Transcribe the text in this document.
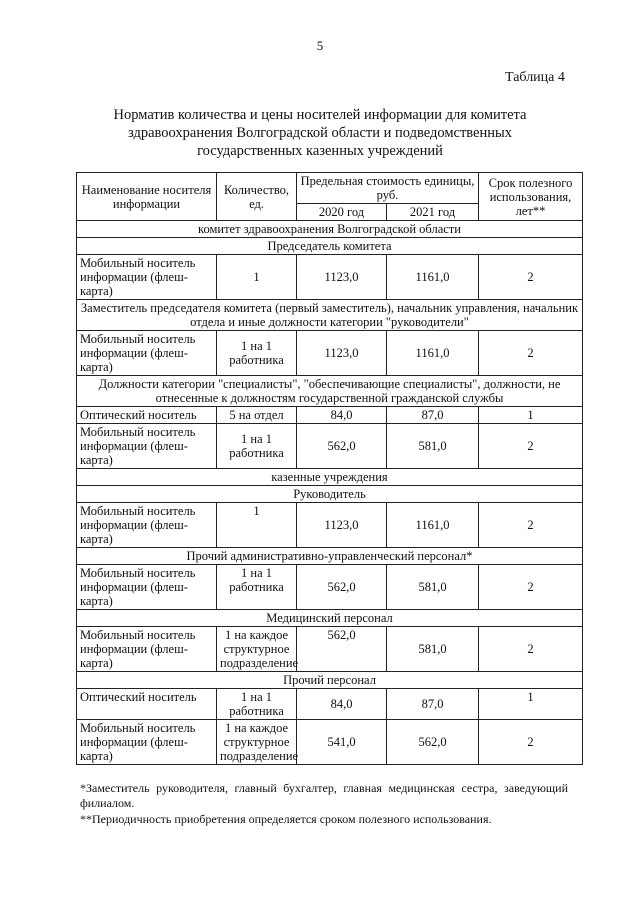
5
Таблица 4
Норматив количества и цены носителей информации для комитета
здравоохранения Волгоградской области и подведомственных
государственных казенных учреждений
Наименование носителя информации	Количество, ед.	Предельная стоимость единицы, руб.		Срок полезного использования, лет**
		2020 год	2021 год	
комитет здравоохранения Волгоградской области				
Председатель комитета				
Мобильный носитель информации (флеш-карта)	1	1123,0	1161,0	2
Заместитель председателя комитета (первый заместитель), начальник управления, начальник отдела и иные должности категории "руководители"				
Мобильный носитель информации (флеш-карта)	1 на 1 работника	1123,0	1161,0	2
Должности категории "специалисты", "обеспечивающие специалисты", должности, не отнесенные к должностям государственной гражданской службы				
Оптический носитель	5 на отдел	84,0	87,0	1
Мобильный носитель информации (флеш-карта)	1 на 1 работника	562,0	581,0	2
казенные учреждения				
Руководитель				
Мобильный носитель информации (флеш-карта)	1	1123,0	1161,0	2
Прочий административно-управленческий персонал*				
Мобильный носитель информации (флеш-карта)	1 на 1 работника	562,0	581,0	2
Медицинский персонал				
Мобильный носитель информации (флеш-карта)	1 на каждое структурное подразделение	562,0	581,0	2
Прочий персонал				
Оптический носитель	1 на 1 работника	84,0	87,0	1
Мобильный носитель информации (флеш-карта)	1 на каждое структурное подразделение	541,0	562,0	2
*Заместитель руководителя, главный бухгалтер, главная медицинская сестра, заведующий филиалом.
**Периодичность приобретения определяется сроком полезного использования.
